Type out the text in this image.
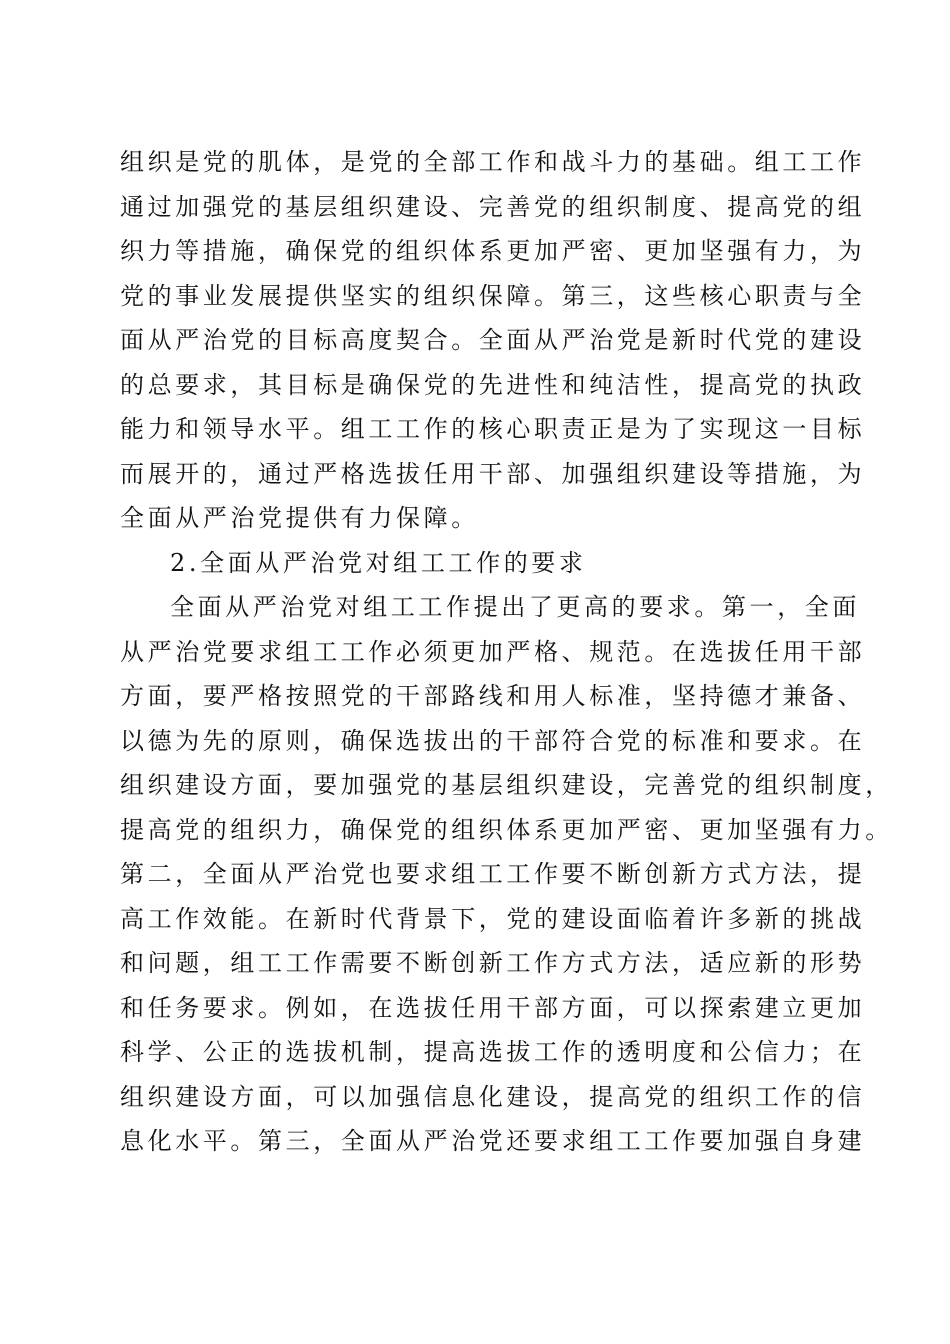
组织是党的肌体，是党的全部工作和战斗力的基础。组工工作
通过加强党的基层组织建设、完善党的组织制度、提高党的组
织力等措施，确保党的组织体系更加严密、更加坚强有力，为
党的事业发展提供坚实的组织保障。第三，这些核心职责与全
面从严治党的目标高度契合。全面从严治党是新时代党的建设
的总要求，其目标是确保党的先进性和纯洁性，提高党的执政
能力和领导水平。组工工作的核心职责正是为了实现这一目标
而展开的，通过严格选拔任用干部、加强组织建设等措施，为
全面从严治党提供有力保障。
2.全面从严治党对组工工作的要求
全面从严治党对组工工作提出了更高的要求。第一，全面
从严治党要求组工工作必须更加严格、规范。在选拔任用干部
方面，要严格按照党的干部路线和用人标准，坚持德才兼备、
以德为先的原则，确保选拔出的干部符合党的标准和要求。在
组织建设方面，要加强党的基层组织建设，完善党的组织制度，
提高党的组织力，确保党的组织体系更加严密、更加坚强有力。
第二，全面从严治党也要求组工工作要不断创新方式方法，提
高工作效能。在新时代背景下，党的建设面临着许多新的挑战
和问题，组工工作需要不断创新工作方式方法，适应新的形势
和任务要求。例如，在选拔任用干部方面，可以探索建立更加
科学、公正的选拔机制，提高选拔工作的透明度和公信力；在
组织建设方面，可以加强信息化建设，提高党的组织工作的信
息化水平。第三，全面从严治党还要求组工工作要加强自身建
